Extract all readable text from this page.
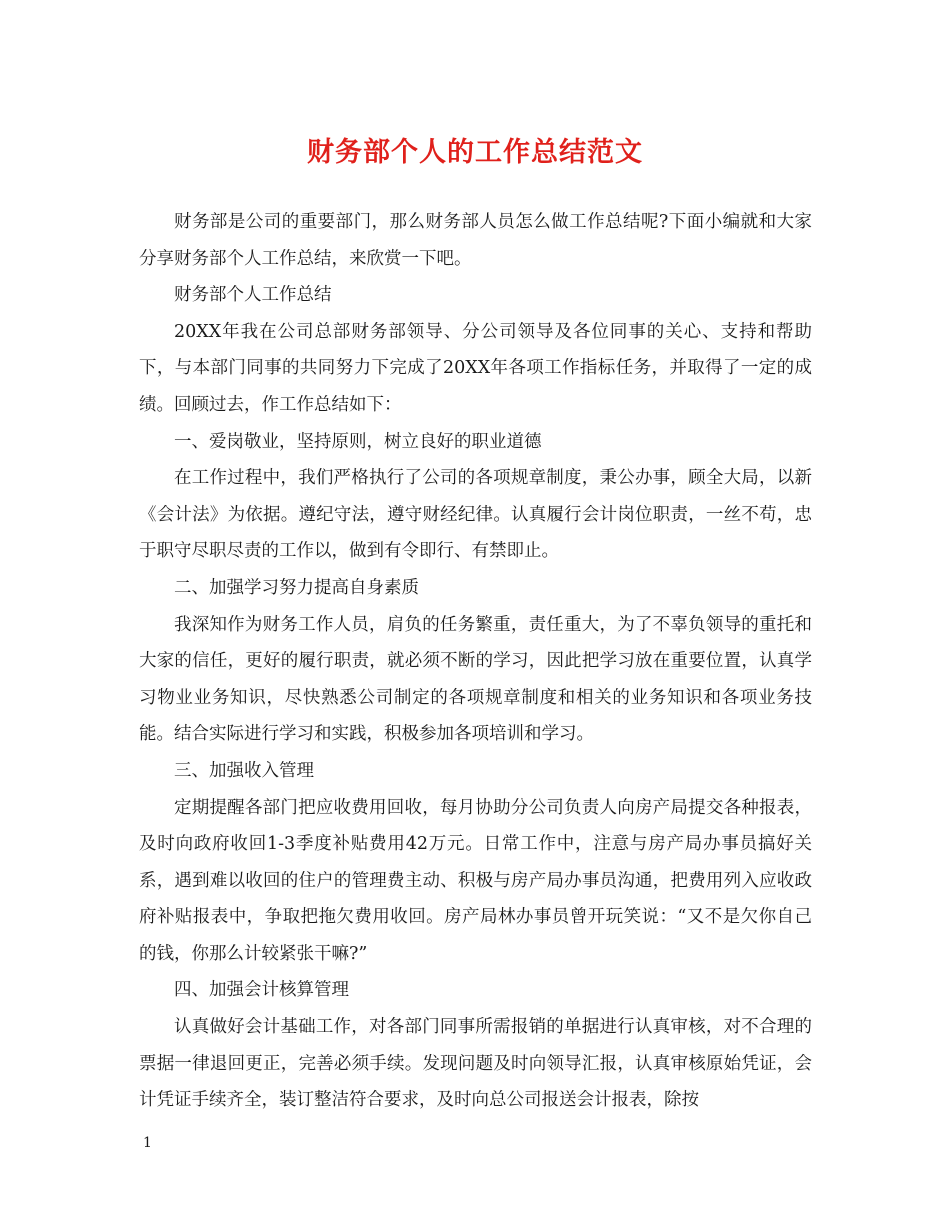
财务部个人的工作总结范文

财务部是公司的重要部门，那么财务部人员怎么做工作总结呢?下面小编就和大家分享财务部个人工作总结，来欣赏一下吧。

财务部个人工作总结

20XX年我在公司总部财务部领导、分公司领导及各位同事的关心、支持和帮助下，与本部门同事的共同努力下完成了20XX年各项工作指标任务，并取得了一定的成绩。回顾过去，作工作总结如下：

一、爱岗敬业，坚持原则，树立良好的职业道德

在工作过程中，我们严格执行了公司的各项规章制度，秉公办事，顾全大局，以新《会计法》为依据。遵纪守法，遵守财经纪律。认真履行会计岗位职责，一丝不苟，忠于职守尽职尽责的工作以，做到有令即行、有禁即止。

二、加强学习努力提高自身素质

我深知作为财务工作人员，肩负的任务繁重，责任重大，为了不辜负领导的重托和大家的信任，更好的履行职责，就必须不断的学习，因此把学习放在重要位置，认真学习物业业务知识，尽快熟悉公司制定的各项规章制度和相关的业务知识和各项业务技能。结合实际进行学习和实践，积极参加各项培训和学习。

三、加强收入管理

定期提醒各部门把应收费用回收，每月协助分公司负责人向房产局提交各种报表，及时向政府收回1-3季度补贴费用42万元。日常工作中，注意与房产局办事员搞好关系，遇到难以收回的住户的管理费主动、积极与房产局办事员沟通，把费用列入应收政府补贴报表中，争取把拖欠费用收回。房产局林办事员曾开玩笑说：“又不是欠你自己的钱，你那么计较紧张干嘛?”

四、加强会计核算管理

认真做好会计基础工作，对各部门同事所需报销的单据进行认真审核，对不合理的票据一律退回更正，完善必须手续。发现问题及时向领导汇报，认真审核原始凭证，会计凭证手续齐全，装订整洁符合要求，及时向总公司报送会计报表，除按

1
